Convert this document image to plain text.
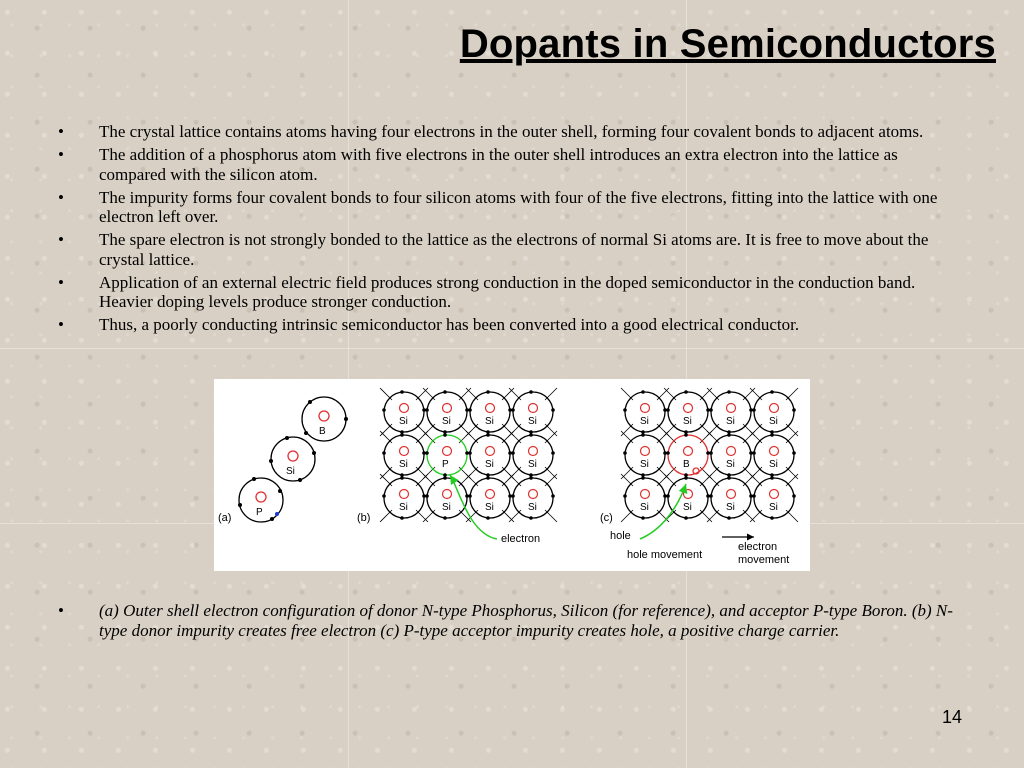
Dopants in Semiconductors
• The crystal lattice contains atoms having four electrons in the outer shell, forming four covalent bonds to adjacent atoms.
• The addition of a phosphorus atom with five electrons in the outer shell introduces an extra electron into the lattice as compared with the silicon atom.
• The impurity forms four covalent bonds to four silicon atoms with four of the five electrons, fitting into the lattice with one electron left over.
• The spare electron is not strongly bonded to the lattice as the electrons of normal Si atoms are. It is free to move about the crystal lattice.
• Application of an external electric field produces strong conduction in the doped semiconductor in the conduction band. Heavier doping levels produce stronger conduction.
• Thus, a poorly conducting intrinsic semiconductor has been converted into a good electrical conductor.
(a)
B
Si
P
Si	Si	Si	Si
Si	P	Si	Si
Si	Si	Si	Si
(b)
electron
Si	Si	Si	Si
Si	B	Si	Si
Si	Si	Si	Si
(c)
hole
hole movement
electron
movement
• (a) Outer shell electron configuration of donor N-type Phosphorus, Silicon (for reference), and acceptor P-type Boron. (b) N-type donor impurity creates free electron (c) P-type acceptor impurity creates hole, a positive charge carrier.
14
